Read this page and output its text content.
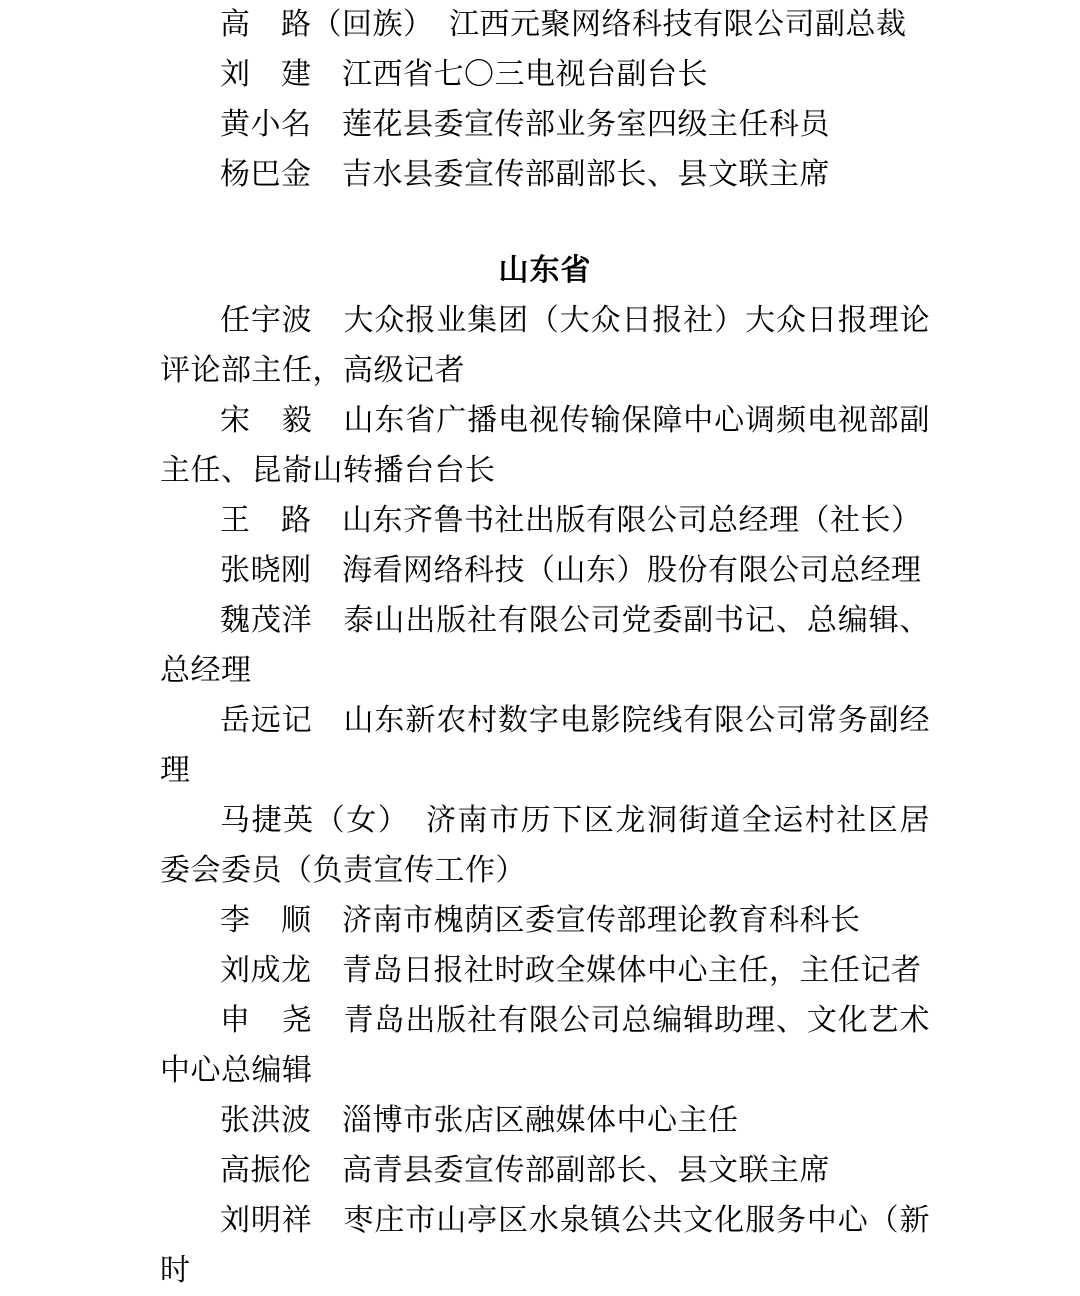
高　路（回族）　江西元聚网络科技有限公司副总裁
刘　建　江西省七〇三电视台副台长
黄小名　莲花县委宣传部业务室四级主任科员
杨巴金　吉水县委宣传部副部长、县文联主席
山东省
任宇波　大众报业集团（大众日报社）大众日报理论评论部主任，高级记者
宋　毅　山东省广播电视传输保障中心调频电视部副主任、昆嵛山转播台台长
王　路　山东齐鲁书社出版有限公司总经理（社长）
张晓刚　海看网络科技（山东）股份有限公司总经理
魏茂洋　泰山出版社有限公司党委副书记、总编辑、总经理
岳远记　山东新农村数字电影院线有限公司常务副经理
马捷英（女）　济南市历下区龙洞街道全运村社区居委会委员（负责宣传工作）
李　顺　济南市槐荫区委宣传部理论教育科科长
刘成龙　青岛日报社时政全媒体中心主任，主任记者
申　尧　青岛出版社有限公司总编辑助理、文化艺术中心总编辑
张洪波　淄博市张店区融媒体中心主任
高振伦　高青县委宣传部副部长、县文联主席
刘明祥　枣庄市山亭区水泉镇公共文化服务中心（新时
